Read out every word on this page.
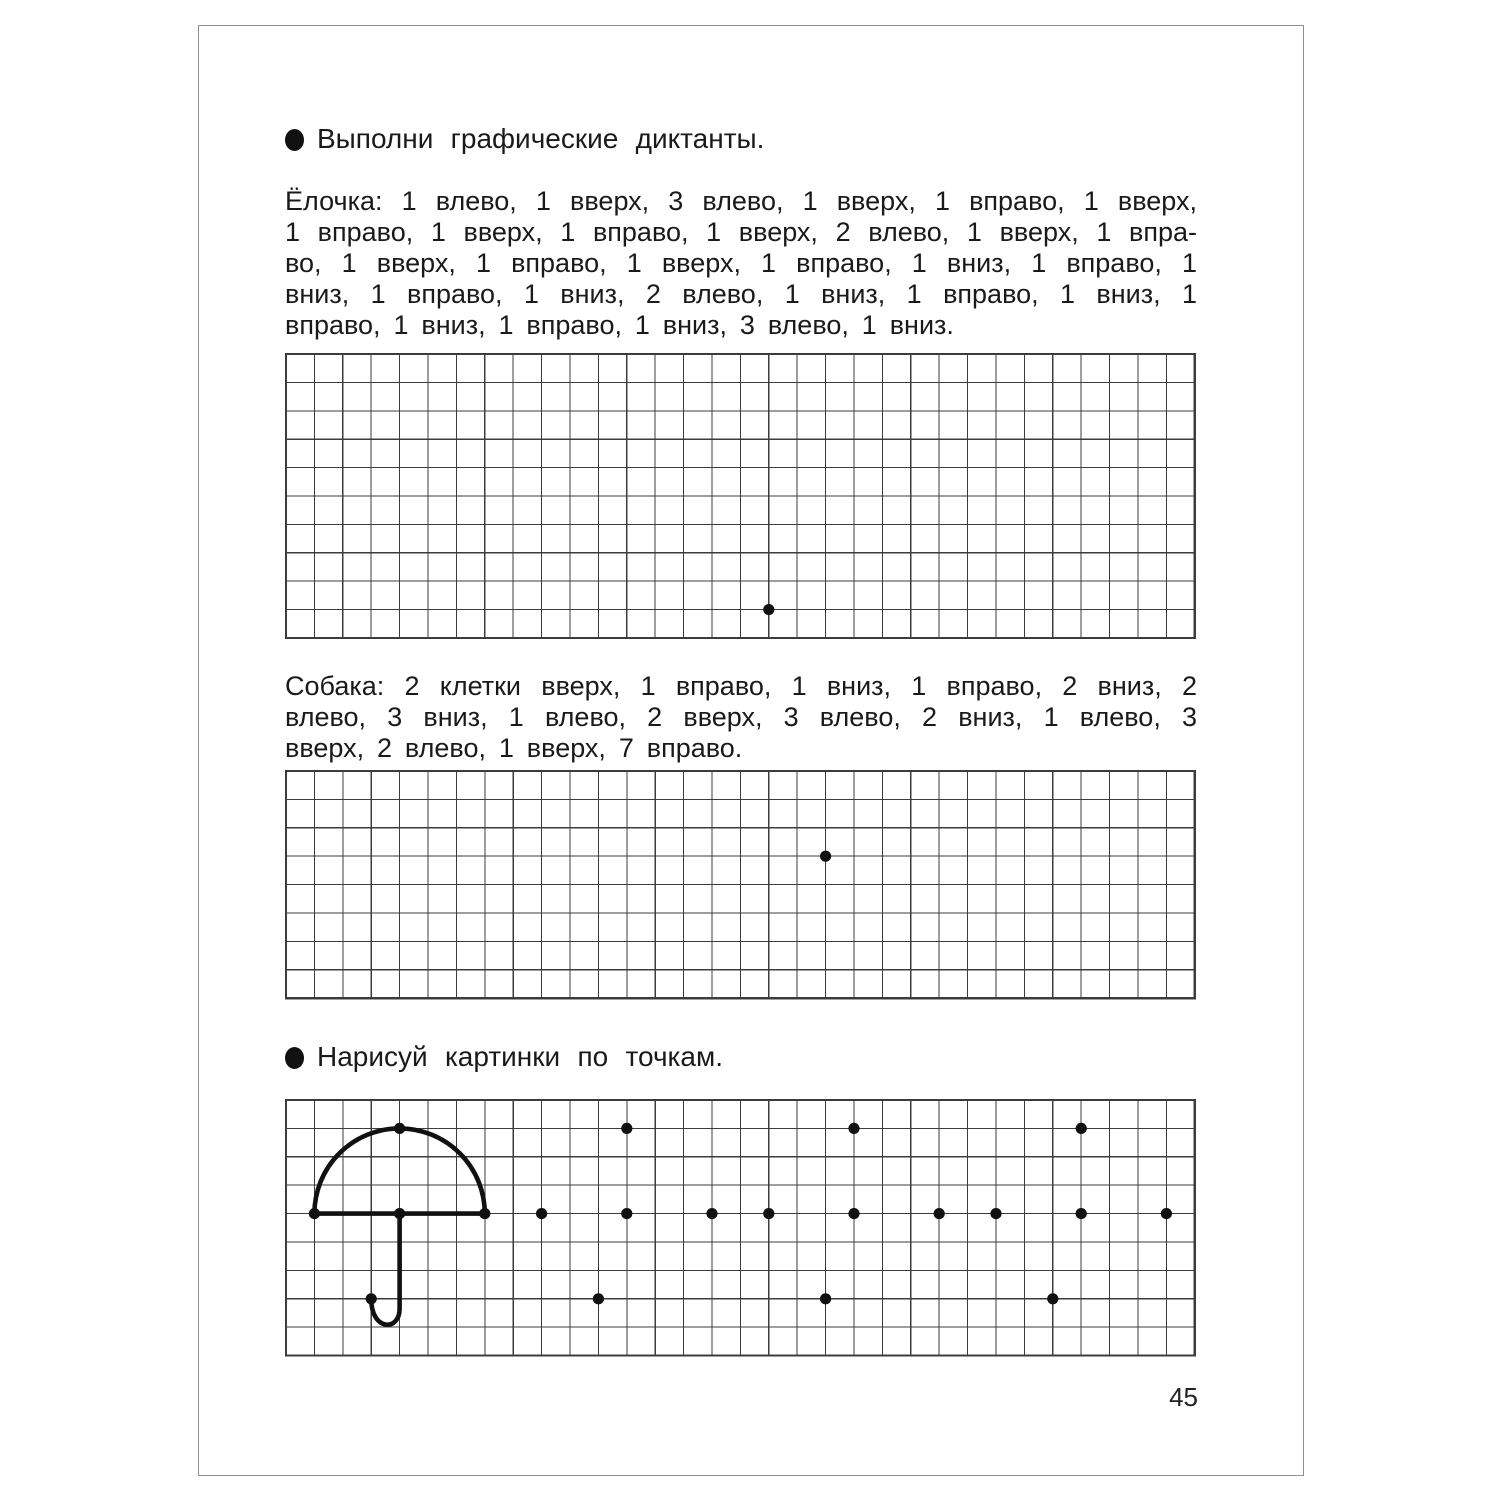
Выполни графические диктанты.
Ёлочка: 1 влево, 1 вверх, 3 влево, 1 вверх, 1 вправо, 1 вверх,
1 вправо, 1 вверх, 1 вправо, 1 вверх, 2 влево, 1 вверх, 1 впра-
во, 1 вверх, 1 вправо, 1 вверх, 1 вправо, 1 вниз, 1 вправо, 1
вниз, 1 вправо, 1 вниз, 2 влево, 1 вниз, 1 вправо, 1 вниз, 1
вправо, 1 вниз, 1 вправо, 1 вниз, 3 влево, 1 вниз.
Собака: 2 клетки вверх, 1 вправо, 1 вниз, 1 вправо, 2 вниз, 2
влево, 3 вниз, 1 влево, 2 вверх, 3 влево, 2 вниз, 1 влево, 3
вверх, 2 влево, 1 вверх, 7 вправо.
Нарисуй картинки по точкам.
45
